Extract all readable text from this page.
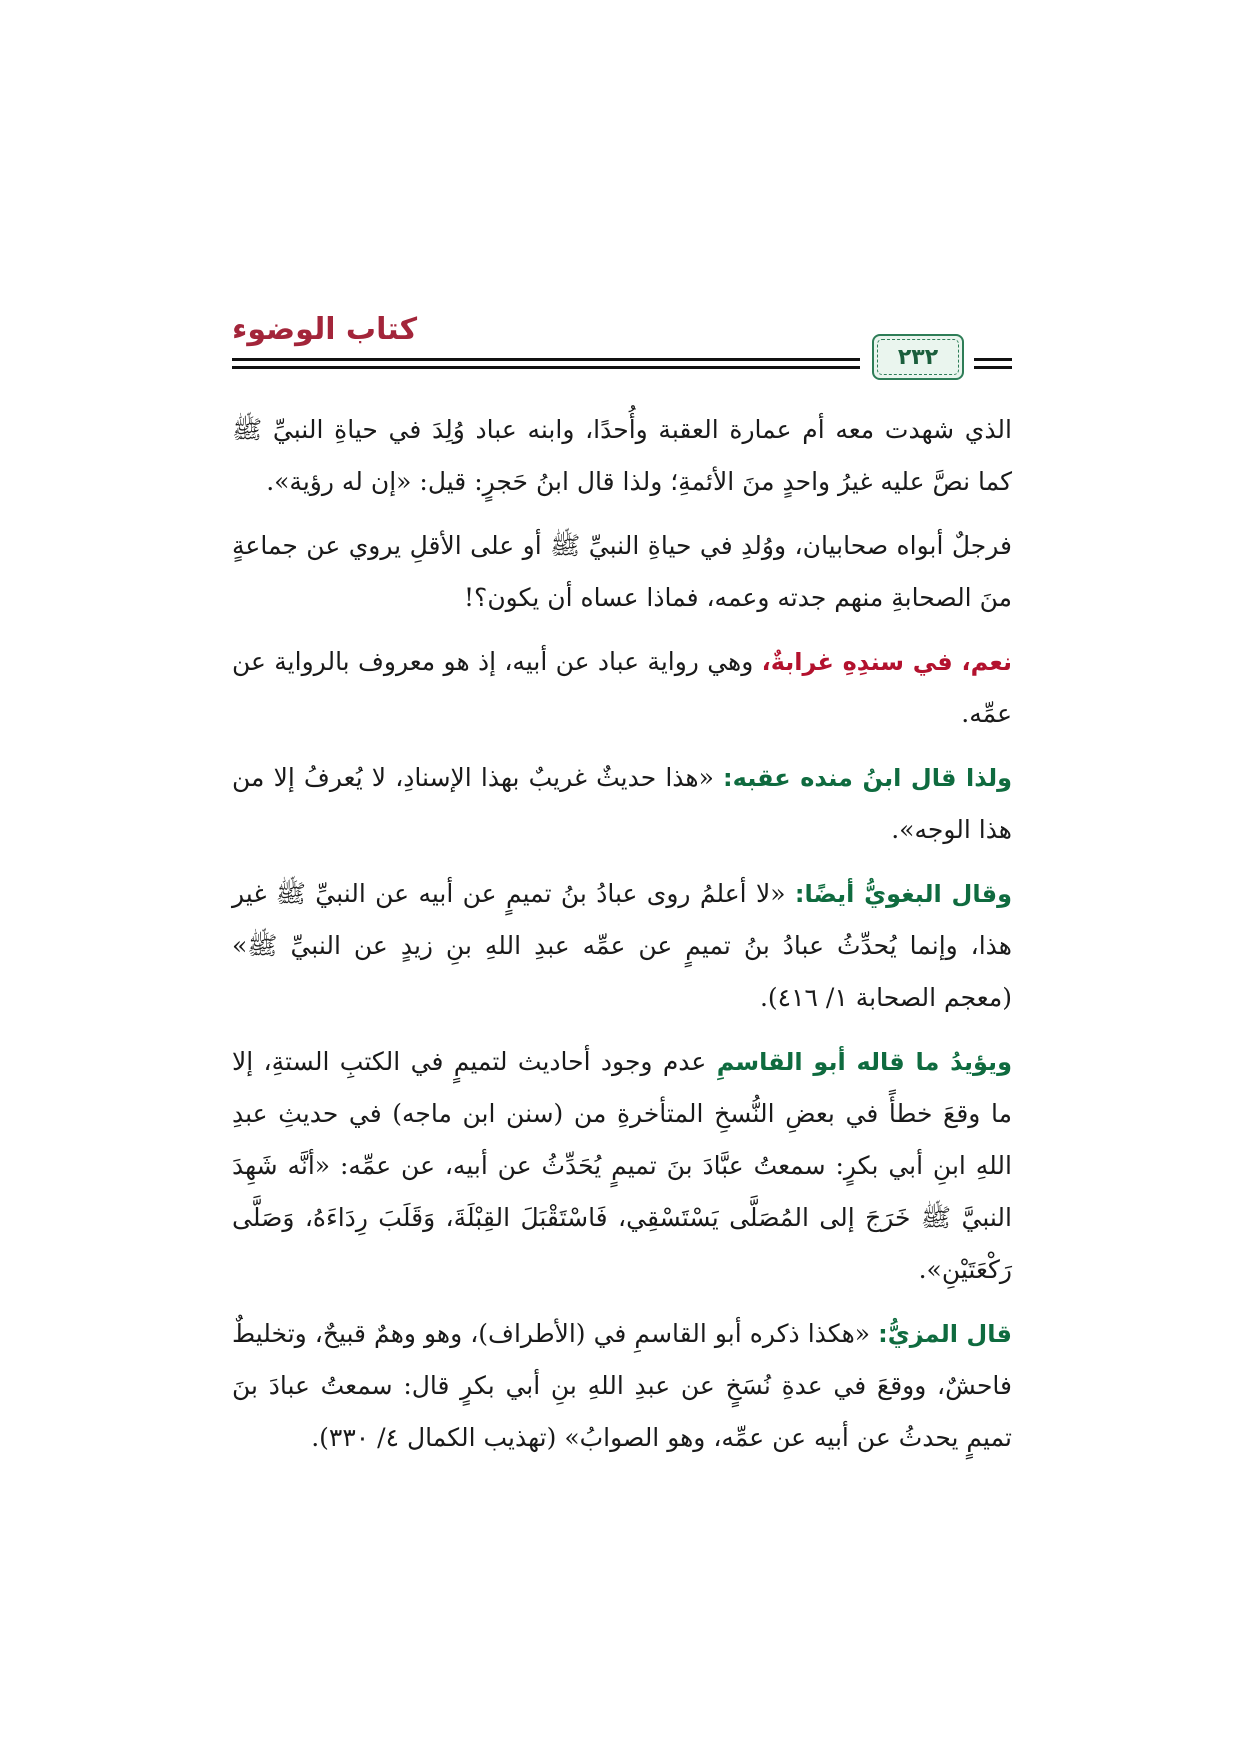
كتاب الوضوء
٢٣٢

الذي شهدت معه أم عمارة العقبة وأُحدًا، وابنه عباد وُلِدَ في حياةِ النبيِّ ﷺ كما نصَّ عليه غيرُ واحدٍ منَ الأئمةِ؛ ولذا قال ابنُ حَجرٍ: قيل: «إن له رؤية».

فرجلٌ أبواه صحابيان، ووُلدِ في حياةِ النبيِّ ﷺ أو على الأقلِ يروي عن جماعةٍ منَ الصحابةِ منهم جدته وعمه، فماذا عساه أن يكون؟!

نعم، في سندِهِ غرابةٌ، وهي رواية عباد عن أبيه، إذ هو معروف بالرواية عن عمِّه.

ولذا قال ابنُ منده عقبه: «هذا حديثٌ غريبٌ بهذا الإسنادِ، لا يُعرفُ إلا من هذا الوجه».

وقال البغويُّ أيضًا: «لا أعلمُ روى عبادُ بنُ تميمٍ عن أبيه عن النبيِّ ﷺ غير هذا، وإنما يُحدِّثُ عبادُ بنُ تميمٍ عن عمِّه عبدِ اللهِ بنِ زيدٍ عن النبيِّ ﷺ» (معجم الصحابة ١/ ٤١٦).

ويؤيدُ ما قاله أبو القاسمِ عدم وجود أحاديث لتميمٍ في الكتبِ الستةِ، إلا ما وقعَ خطأً في بعضِ النُّسخِ المتأخرةِ من (سنن ابن ماجه) في حديثِ عبدِ اللهِ ابنِ أبي بكرٍ: سمعتُ عبَّادَ بنَ تميمٍ يُحَدِّثُ عن أبيه، عن عمِّه: «أنَّه شَهِدَ النبيَّ ﷺ خَرَجَ إلى المُصَلَّى يَسْتَسْقِي، فَاسْتَقْبَلَ القِبْلَةَ، وَقَلَبَ رِدَاءَهُ، وَصَلَّى رَكْعَتَيْنِ».

قال المزيُّ: «هكذا ذكره أبو القاسمِ في (الأطراف)، وهو وهمٌ قبيحٌ، وتخليطٌ فاحشٌ، ووقعَ في عدةِ نُسَخٍ عن عبدِ اللهِ بنِ أبي بكرٍ قال: سمعتُ عبادَ بنَ تميمٍ يحدثُ عن أبيه عن عمِّه، وهو الصوابُ» (تهذيب الكمال ٤/ ٣٣٠).
